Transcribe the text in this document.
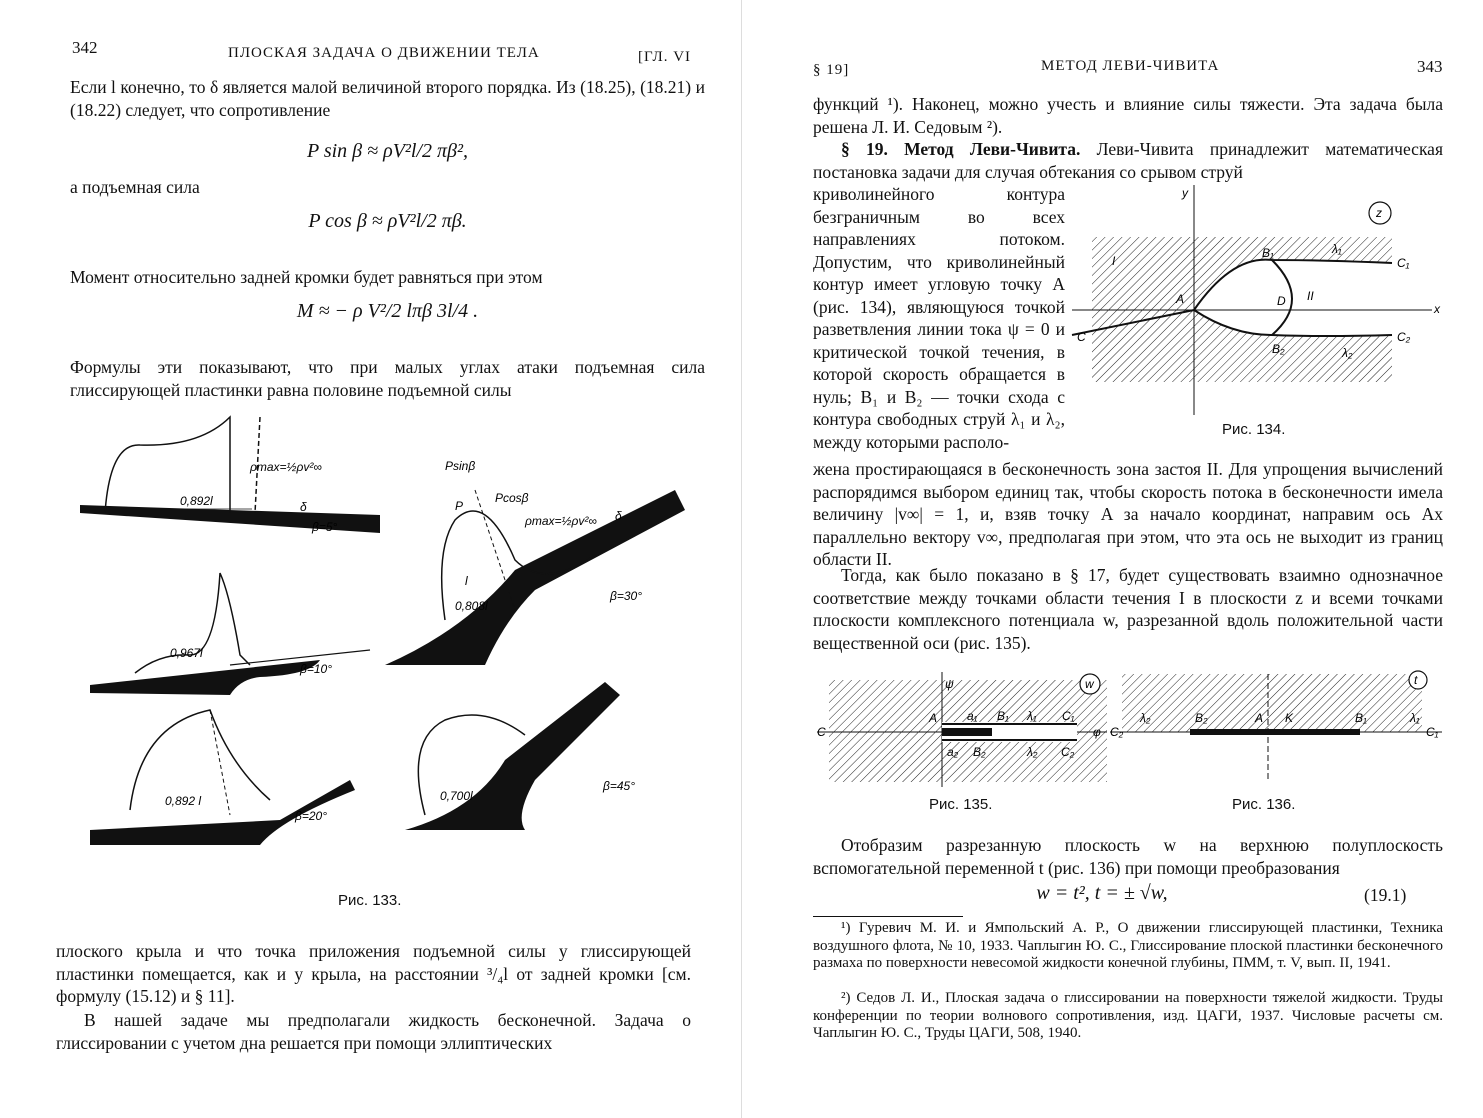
342	ПЛОСКАЯ ЗАДАЧА О ДВИЖЕНИИ ТЕЛА	[ГЛ. VI
Если l конечно, то δ является малой величиной второго порядка. Из (18.25), (18.21) и (18.22) следует, что сопротивление
P sin β ≈ ρV²l/2 πβ²,
а подъемная сила
P cos β ≈ ρV²l/2 πβ.
Момент относительно задней кромки будет равняться при этом
M ≈ − ρ V²/2 lπβ 3l/4 .
Формулы эти показывают, что при малых углах атаки подъемная сила глиссирующей пластинки равна половине подъемной силы
0,892l
ρmax=½ρv²∞
δ
β=5°
Psinβ
P
Pcosβ
ρmax=½ρv²∞ δ
l
0,808l
β=30°
0,967l
β=10°
0,892 l
β=20°
0,700l
β=45°
Рис. 133.
плоского крыла и что точка приложения подъемной силы у глиссирующей пластинки помещается, как и у крыла, на расстоянии ³/₄l от задней кромки [см. формулу (15.12) и § 11].
В нашей задаче мы предполагали жидкость бесконечной. Задача о глиссировании с учетом дна решается при помощи эллиптических
§ 19]	МЕТОД ЛЕВИ-ЧИВИТА	343
функций ¹). Наконец, можно учесть и влияние силы тяжести. Эта задача была решена Л. И. Седовым ²).
§ 19. Метод Леви-Чивита. Леви-Чивита принадлежит математическая постановка задачи для случая обтекания со срывом струй
криволинейного контура безграничным во всех направлениях потоком. Допустим, что криволинейный контур имеет угловую точку A (рис. 134), являющуюся точкой разветвления линии тока ψ = 0 и критической точкой течения, в которой скорость обращается в нуль; B₁ и B₂ — точки схода с контура свободных струй λ₁ и λ₂, между которыми располо-
жена простирающаяся в бесконечность зона застоя II. Для упрощения вычислений распорядимся выбором единиц так, чтобы скорость потока в бесконечности имела величину |v∞| = 1, и, взяв точку A за начало координат, направим ось Ax параллельно вектору v∞, предполагая при этом, что эта ось не выходит из границ области II.
Тогда, как было показано в § 17, будет существовать взаимно однозначное соответствие между точками области течения I в плоскости z и всеми точками плоскости комплексного потенциала w, разрезанной вдоль положительной части вещественной оси (рис. 135).
y
z
I
II
A	D
x
B₁
C₁
λ₁
B₂
C₂
λ₂
C
Рис. 134.
ψ	w
C
A a₁ B₁ λ₁ C₁
φ
a₂ B₂	λ₂ C₂
Рис. 135.
t
λ₂	B₂	A K	B₁	λ₁
C₂	C₁
Рис. 136.
Отобразим разрезанную плоскость w на верхнюю полуплоскость вспомогательной переменной t (рис. 136) при помощи преобразования
w = t², t = ± √w,	(19.1)
¹) Гуревич М. И. и Ямпольский А. Р., О движении глиссирующей пластинки, Техника воздушного флота, № 10, 1933. Чаплыгин Ю. С., Глиссирование плоской пластинки бесконечного размаха по поверхности невесомой жидкости конечной глубины, ПММ, т. V, вып. II, 1941.
²) Седов Л. И., Плоская задача о глиссировании на поверхности тяжелой жидкости. Труды конференции по теории волнового сопротивления, изд. ЦАГИ, 1937. Числовые расчеты см. Чаплыгин Ю. С., Труды ЦАГИ, 508, 1940.
